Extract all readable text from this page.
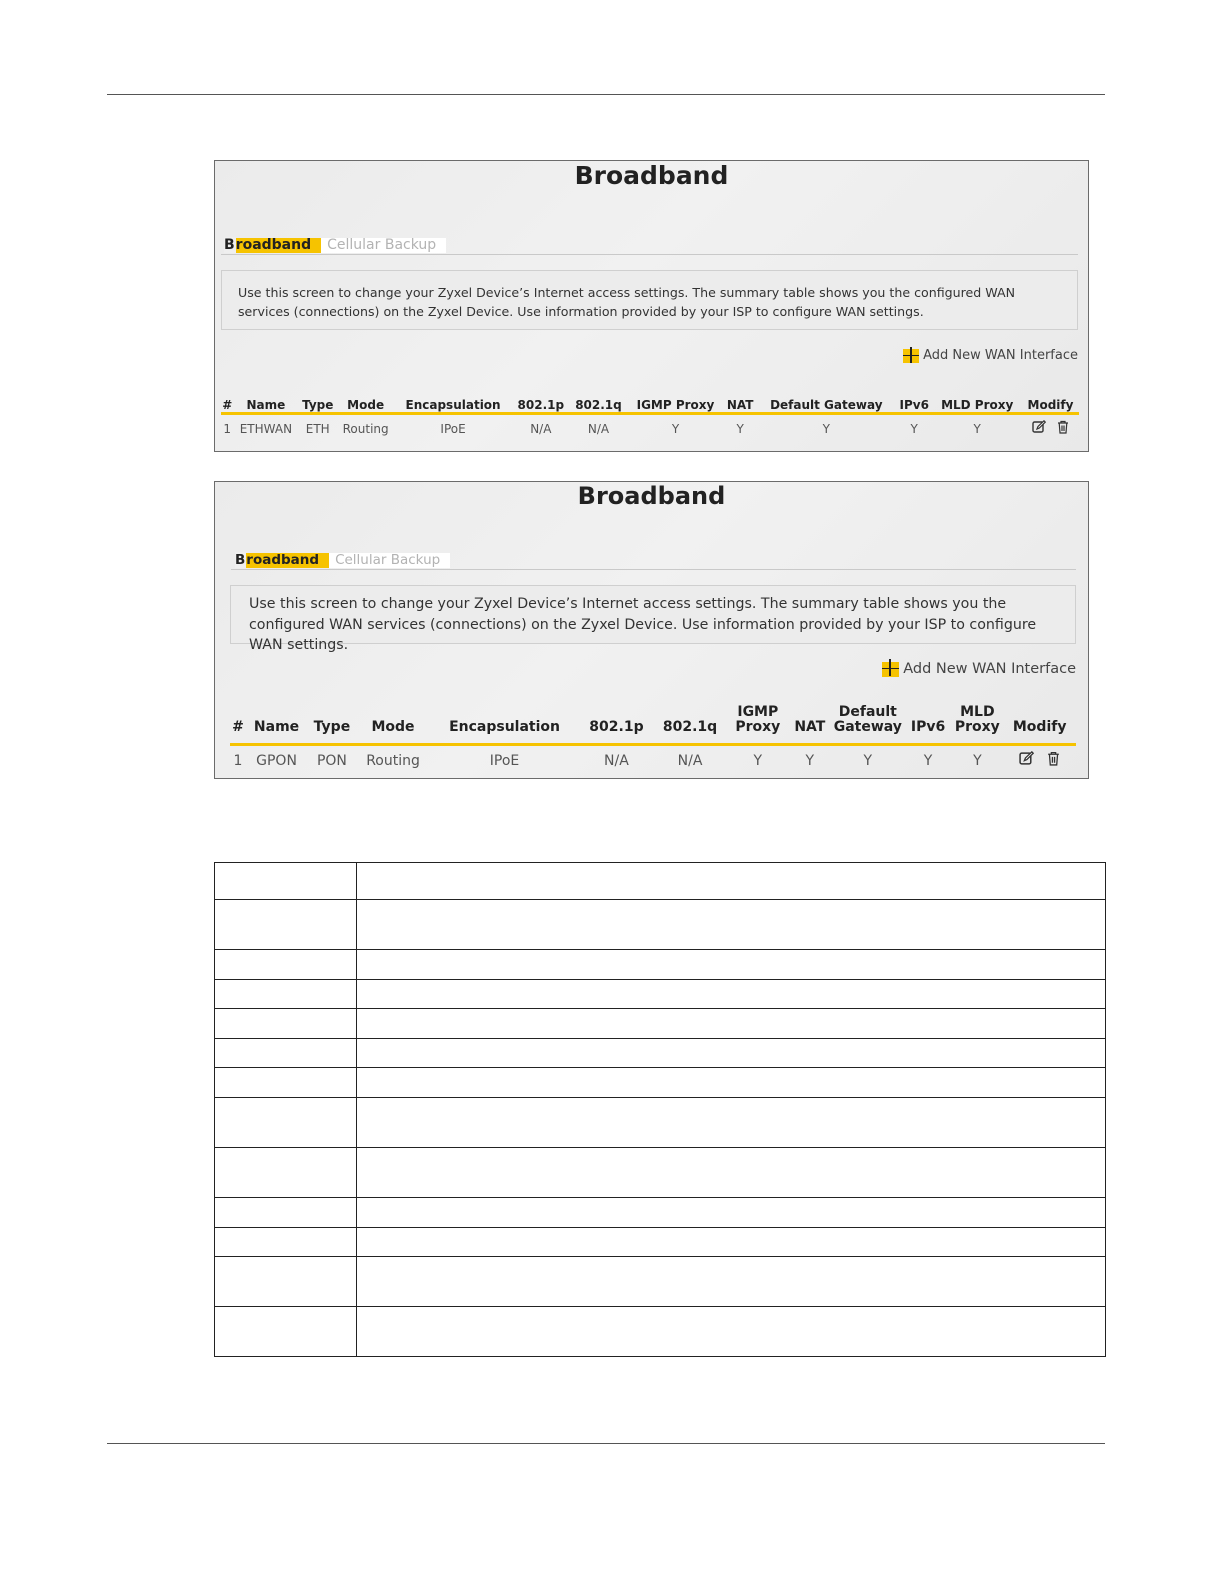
Broadband
Broadband	Cellular Backup
Use this screen to change your Zyxel Device’s Internet access settings. The summary table shows you the configured WAN services (connections) on the Zyxel Device. Use information provided by your ISP to configure WAN settings.
Add New WAN Interface
#	Name	Type	Mode	Encapsulation	802.1p	802.1q	IGMP Proxy	NAT	Default Gateway	IPv6	MLD Proxy	Modify
1	ETHWAN	ETH	Routing	IPoE	N/A	N/A	Y	Y	Y	Y	Y	
Broadband
Broadband	Cellular Backup
Use this screen to change your Zyxel Device’s Internet access settings. The summary table shows you the configured WAN services (connections) on the Zyxel Device. Use information provided by your ISP to configure WAN settings.
Add New WAN Interface
#	Name	Type	Mode	Encapsulation	802.1p	802.1q	IGMP Proxy	NAT	Default Gateway	IPv6	MLD Proxy	Modify
1	GPON	PON	Routing	IPoE	N/A	N/A	Y	Y	Y	Y	Y	
